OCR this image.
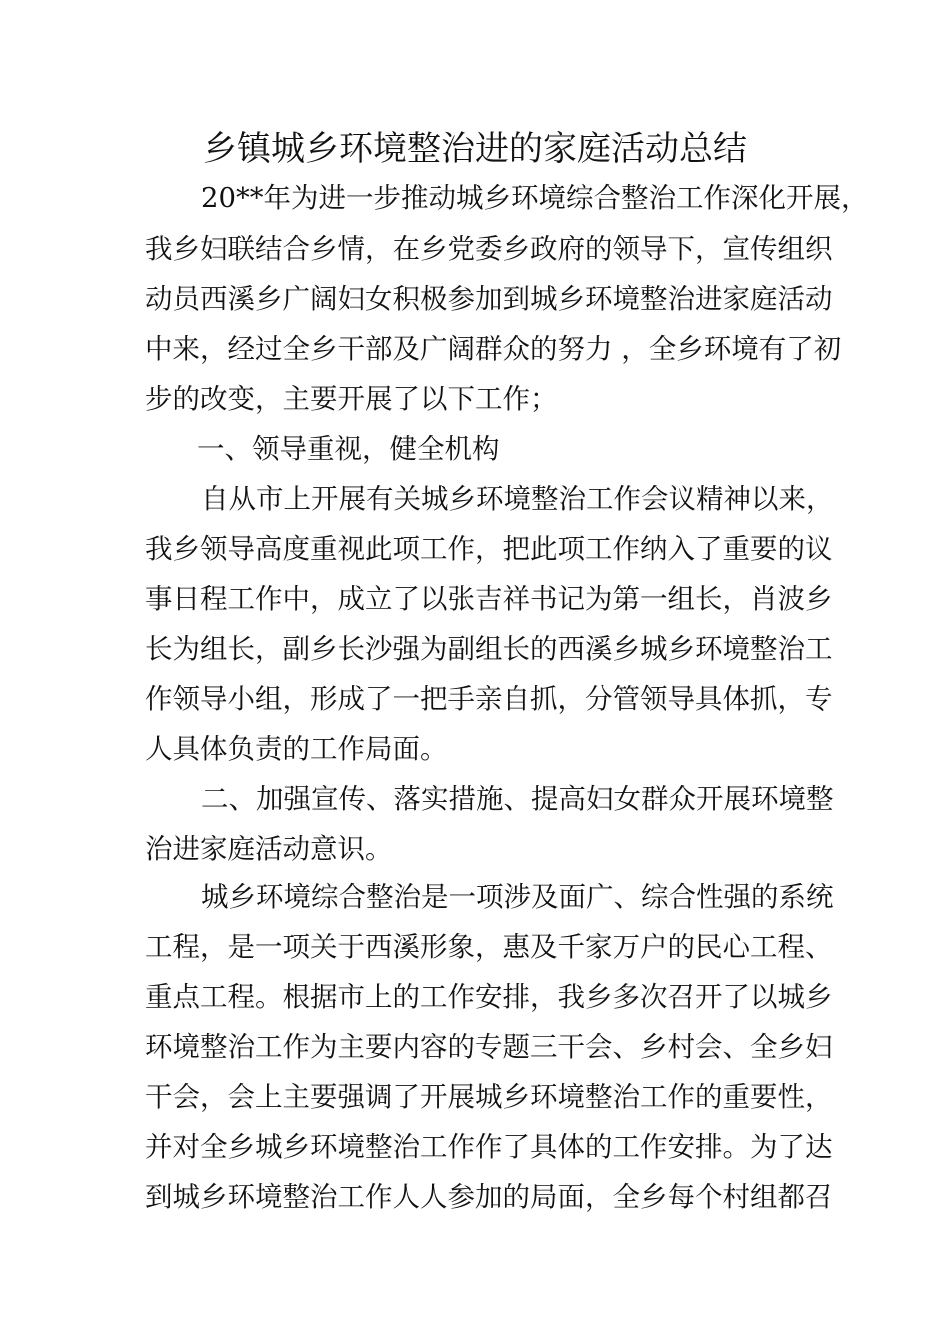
乡镇城乡环境整治进的家庭活动总结
20**年为进一步推动城乡环境综合整治工作深化开展，
我乡妇联结合乡情，在乡党委乡政府的领导下，宣传组织
动员西溪乡广阔妇女积极参加到城乡环境整治进家庭活动
中来，经过全乡干部及广阔群众的努力 ，全乡环境有了初
步的改变，主要开展了以下工作；
一、领导重视，健全机构
自从市上开展有关城乡环境整治工作会议精神以来，
我乡领导高度重视此项工作，把此项工作纳入了重要的议
事日程工作中，成立了以张吉祥书记为第一组长，肖波乡
长为组长，副乡长沙强为副组长的西溪乡城乡环境整治工
作领导小组，形成了一把手亲自抓，分管领导具体抓，专
人具体负责的工作局面。
二、加强宣传、落实措施、提高妇女群众开展环境整
治进家庭活动意识。
城乡环境综合整治是一项涉及面广、综合性强的系统
工程，是一项关于西溪形象，惠及千家万户的民心工程、
重点工程。根据市上的工作安排，我乡多次召开了以城乡
环境整治工作为主要内容的专题三干会、乡村会、全乡妇
干会，会上主要强调了开展城乡环境整治工作的重要性，
并对全乡城乡环境整治工作作了具体的工作安排。为了达
到城乡环境整治工作人人参加的局面，全乡每个村组都召
